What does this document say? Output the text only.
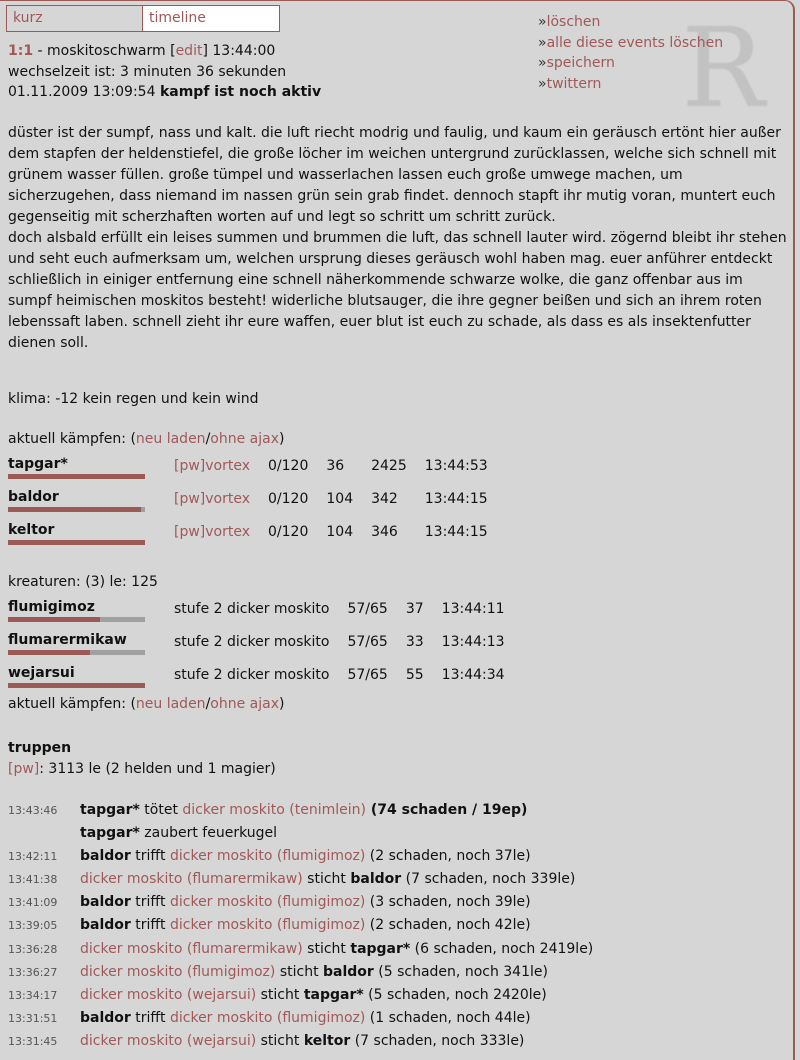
kurz	timeline	R
» löschen
» alle diese events löschen
» speichern
» twittern
1:1 - moskitoschwarm [edit] 13:44:00
wechselzeit ist: 3 minuten 36 sekunden
01.11.2009 13:09:54 kampf ist noch aktiv

düster ist der sumpf, nass und kalt. die luft riecht modrig und faulig, und kaum ein geräusch ertönt hier außer dem stapfen der heldenstiefel, die große löcher im weichen untergrund zurücklassen, welche sich schnell mit grünem wasser füllen. große tümpel und wasserlachen lassen euch große umwege machen, um sicherzugehen, dass niemand im nassen grün sein grab findet. dennoch stapft ihr mutig voran, muntert euch gegenseitig mit scherzhaften worten auf und legt so schritt um schritt zurück.

doch alsbald erfüllt ein leises summen und brummen die luft, das schnell lauter wird. zögernd bleibt ihr stehen und seht euch aufmerksam um, welchen ursprung dieses geräusch wohl haben mag. euer anführer entdeckt schließlich in einiger entfernung eine schnell näherkommende schwarze wolke, die ganz offenbar aus im sumpf heimischen moskitos besteht! widerliche blutsauger, die ihre gegner beißen und sich an ihrem roten lebenssaft laben. schnell zieht ihr eure waffen, euer blut ist euch zu schade, als dass es als insektenfutter dienen soll.

klima: -12 kein regen und kein wind
aktuell kämpfen: (neu laden/ohne ajax)
tapgar*	[pw]vortex	0/120	36	2425	13:44:53

baldor	[pw]vortex	0/120	104	342	13:44:15

keltor	[pw]vortex	0/120	104	346	13:44:15
kreaturen: (3) le: 125
flumigimoz	stufe 2 dicker moskito	57/65	37	13:44:11

flumarermikaw	stufe 2 dicker moskito	57/65	33	13:44:13

wejarsui	stufe 2 dicker moskito	57/65	55	13:44:34
aktuell kämpfen: (neu laden/ohne ajax)
truppen
[pw]: 3113 le (2 helden und 1 magier)
13:43:46 tapgar* tötet dicker moskito (tenimlein) (74 schaden / 19ep)
tapgar* zaubert feuerkugel
13:42:11 baldor trifft dicker moskito (flumigimoz) (2 schaden, noch 37le)
13:41:38 dicker moskito (flumarermikaw) sticht baldor (7 schaden, noch 339le)
13:41:09 baldor trifft dicker moskito (flumigimoz) (3 schaden, noch 39le)
13:39:05 baldor trifft dicker moskito (flumigimoz) (2 schaden, noch 42le)
13:36:28 dicker moskito (flumarermikaw) sticht tapgar* (6 schaden, noch 2419le)
13:36:27 dicker moskito (flumigimoz) sticht baldor (5 schaden, noch 341le)
13:34:17 dicker moskito (wejarsui) sticht tapgar* (5 schaden, noch 2420le)
13:31:51 baldor trifft dicker moskito (flumigimoz) (1 schaden, noch 44le)
13:31:45 dicker moskito (wejarsui) sticht keltor (7 schaden, noch 333le)
